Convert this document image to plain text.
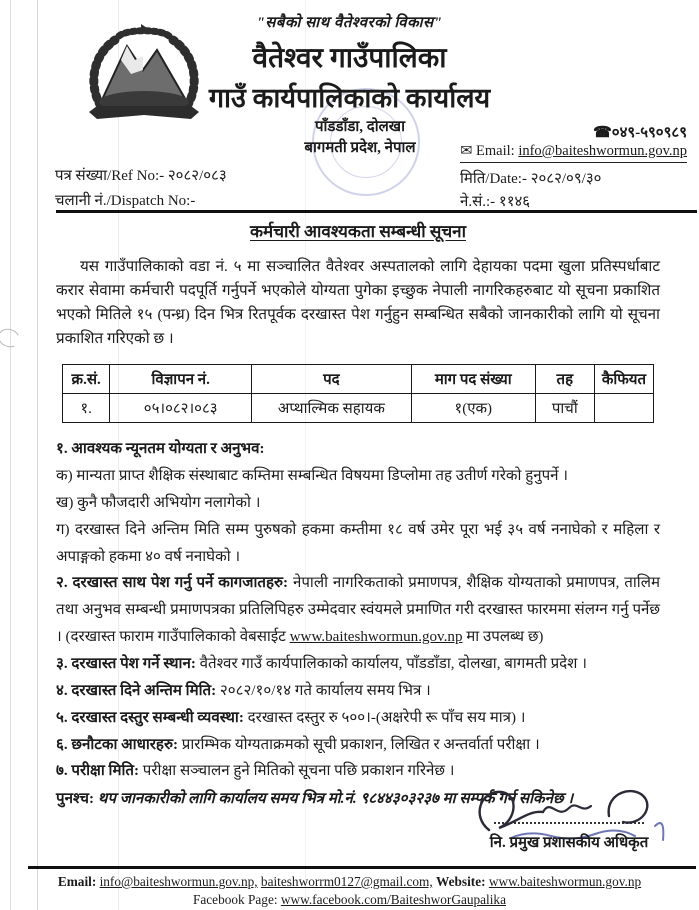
"सबैको साथ वैतेश्वरको विकास"
वैतेश्वर गाउँपालिका
गाउँ कार्यपालिकाको कार्यालय
पाँडडाँडा, दोलखा
बागमती प्रदेश, नेपाल
☎०४९-५९०९८९
✉ Email: info@baiteshwormun.gov.np
मिति/Date:- २०८२/०९/३०
ने.सं.:- ११४६
पत्र संख्या/Ref No:- २०८२/०८३
चलानी नं./Dispatch No:-
कर्मचारी आवश्यकता सम्बन्धी सूचना
यस गाउँपालिकाको वडा नं. ५ मा सञ्चालित वैतेश्वर अस्पतालको लागि देहायका पदमा खुला प्रतिस्पर्धाबाट करार सेवामा कर्मचारी पदपूर्ति गर्नुपर्ने भएकोले योग्यता पुगेका इच्छुक नेपाली नागरिकहरुबाट यो सूचना प्रकाशित भएको मितिले १५ (पन्ध्र) दिन भित्र रितपूर्वक दरखास्त पेश गर्नुहुन सम्बन्धित सबैको जानकारीको लागि यो सूचना प्रकाशित गरिएको छ ।
क्र.सं.	विज्ञापन नं.	पद	माग पद संख्या	तह	कैफियत
१.	०५।०८२।०८३	अप्थाल्मिक सहायक	१(एक)	पाचौं	
१. आवश्यक न्यूनतम योग्यता र अनुभव:
क) मान्यता प्राप्त शैक्षिक संस्थाबाट कम्तिमा सम्बन्धित विषयमा डिप्लोमा तह उतीर्ण गरेको हुनुपर्ने ।
ख) कुनै फौजदारी अभियोग नलागेको ।
ग) दरखास्त दिने अन्तिम मिति सम्म पुरुषको हकमा कम्तीमा १८ वर्ष उमेर पूरा भई ३५ वर्ष ननाघेको र महिला र अपाङ्गको हकमा ४० वर्ष ननाघेको ।
२. दरखास्त साथ पेश गर्नु पर्ने कागजातहरु: नेपाली नागरिकताको प्रमाणपत्र, शैक्षिक योग्यताको प्रमाणपत्र, तालिम तथा अनुभव सम्बन्धी प्रमाणपत्रका प्रतिलिपिहरु उम्मेदवार स्वंयमले प्रमाणित गरी दरखास्त फारममा संलग्न गर्नु पर्नेछ । (दरखास्त फाराम गाउँपालिकाको वेबसाईट www.baiteshwormun.gov.np मा उपलब्ध छ)
३. दरखास्त पेश गर्ने स्थान: वैतेश्वर गाउँ कार्यपालिकाको कार्यालय, पाँडडाँडा, दोलखा, बागमती प्रदेश ।
४. दरखास्त दिने अन्तिम मिति: २०८२/१०/१४ गते कार्यालय समय भित्र ।
५. दरखास्त दस्तुर सम्बन्धी व्यवस्था: दरखास्त दस्तुर रु ५००।-(अक्षरेपी रू पाँच सय मात्र) ।
६. छनौटका आधारहरु: प्रारम्भिक योग्यताक्रमको सूची प्रकाशन, लिखित र अन्तर्वार्ता परीक्षा ।
७. परीक्षा मिति: परीक्षा सञ्चालन हुने मितिको सूचना पछि प्रकाशन गरिनेछ ।
पुनश्च: थप जानकारीको लागि कार्यालय समय भित्र मो.नं. ९८४४३०३२३७ मा सम्पर्क गर्न सकिनेछ ।
नि. प्रमुख प्रशासकीय अधिकृत
Email: info@baiteshwormun.gov.np, baiteshworrm0127@gmail.com, Website: www.baiteshwormun.gov.np
Facebook Page: www.facebook.com/BaiteshworGaupalika
